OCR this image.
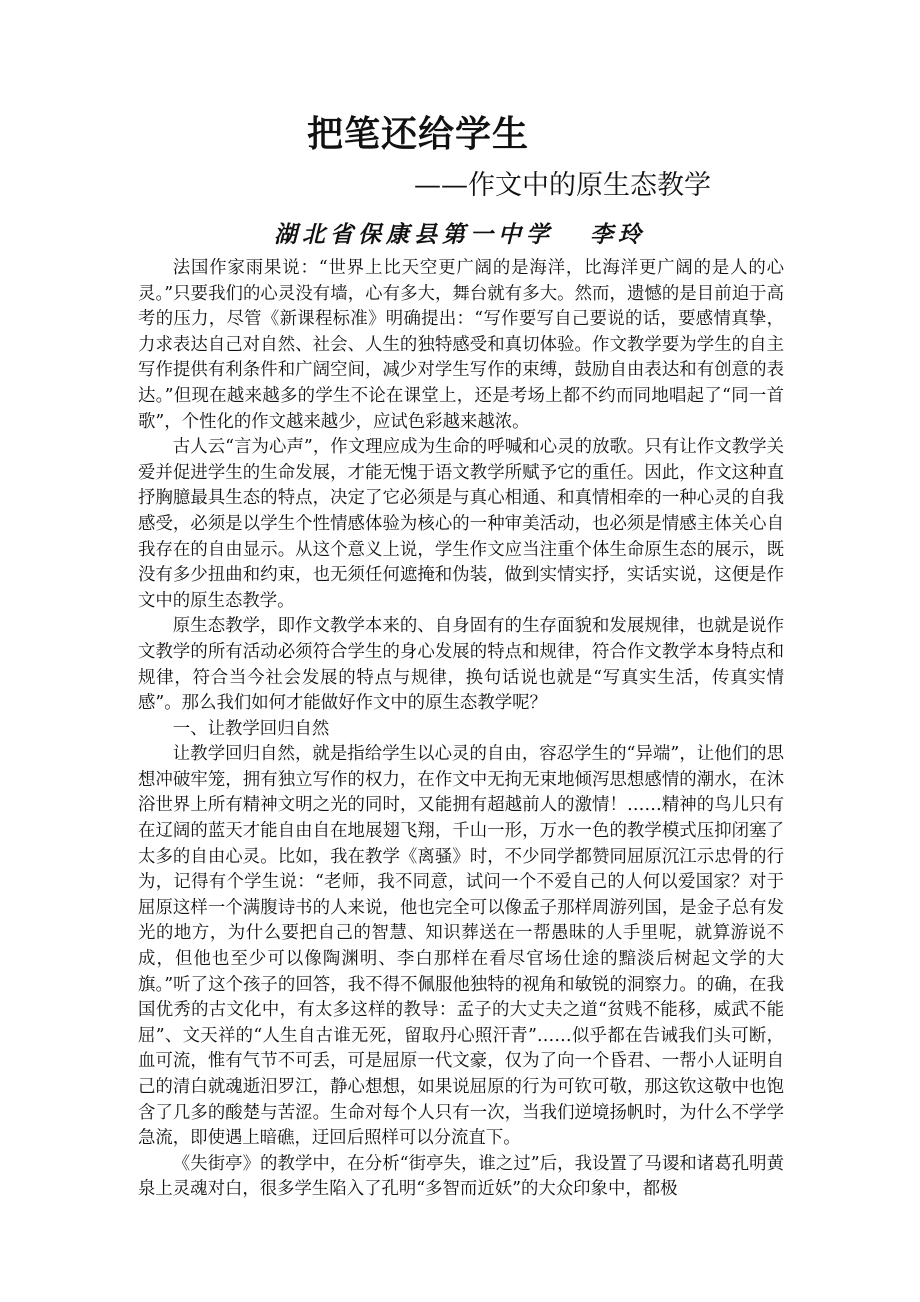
把笔还给学生
——作文中的原生态教学
湖北省保康县第一中学 李玲

法国作家雨果说：“世界上比天空更广阔的是海洋，比海洋更广阔的是人的心灵。”只要我们的心灵没有墙，心有多大，舞台就有多大。然而，遗憾的是目前迫于高考的压力，尽管《新课程标准》明确提出：“写作要写自己要说的话，要感情真挚，力求表达自己对自然、社会、人生的独特感受和真切体验。作文教学要为学生的自主写作提供有利条件和广阔空间，减少对学生写作的束缚，鼓励自由表达和有创意的表达。”但现在越来越多的学生不论在课堂上，还是考场上都不约而同地唱起了“同一首歌”，个性化的作文越来越少，应试色彩越来越浓。

古人云“言为心声”，作文理应成为生命的呼喊和心灵的放歌。只有让作文教学关爱并促进学生的生命发展，才能无愧于语文教学所赋予它的重任。因此，作文这种直抒胸臆最具生态的特点，决定了它必须是与真心相通、和真情相牵的一种心灵的自我感受，必须是以学生个性情感体验为核心的一种审美活动，也必须是情感主体关心自我存在的自由显示。从这个意义上说，学生作文应当注重个体生命原生态的展示，既没有多少扭曲和约束，也无须任何遮掩和伪装，做到实情实抒，实话实说，这便是作文中的原生态教学。

原生态教学，即作文教学本来的、自身固有的生存面貌和发展规律，也就是说作文教学的所有活动必须符合学生的身心发展的特点和规律，符合作文教学本身特点和规律，符合当今社会发展的特点与规律，换句话说也就是“写真实生活，传真实情感”。那么我们如何才能做好作文中的原生态教学呢？

一、让教学回归自然

让教学回归自然，就是指给学生以心灵的自由，容忍学生的“异端”，让他们的思想冲破牢笼，拥有独立写作的权力，在作文中无拘无束地倾泻思想感情的潮水，在沐浴世界上所有精神文明之光的同时，又能拥有超越前人的激情！……精神的鸟儿只有在辽阔的蓝天才能自由自在地展翅飞翔，千山一形，万水一色的教学模式压抑闭塞了太多的自由心灵。比如，我在教学《离骚》时，不少同学都赞同屈原沉江示忠骨的行为，记得有个学生说：“老师，我不同意，试问一个不爱自己的人何以爱国家？对于屈原这样一个满腹诗书的人来说，他也完全可以像孟子那样周游列国，是金子总有发光的地方，为什么要把自己的智慧、知识葬送在一帮愚昧的人手里呢，就算游说不成，但他也至少可以像陶渊明、李白那样在看尽官场仕途的黯淡后树起文学的大旗。”听了这个孩子的回答，我不得不佩服他独特的视角和敏锐的洞察力。的确，在我国优秀的古文化中，有太多这样的教导：孟子的大丈夫之道“贫贱不能移，威武不能屈”、文天祥的“人生自古谁无死，留取丹心照汗青”……似乎都在告诫我们头可断，血可流，惟有气节不可丢，可是屈原一代文豪，仅为了向一个昏君、一帮小人证明自己的清白就魂逝汨罗江，静心想想，如果说屈原的行为可钦可敬，那这钦这敬中也饱含了几多的酸楚与苦涩。生命对每个人只有一次，当我们逆境扬帆时，为什么不学学急流，即使遇上暗礁，迂回后照样可以分流直下。

《失街亭》的教学中，在分析“街亭失，谁之过”后，我设置了马谡和诸葛孔明黄泉上灵魂对白，很多学生陷入了孔明“多智而近妖”的大众印象中，都极
